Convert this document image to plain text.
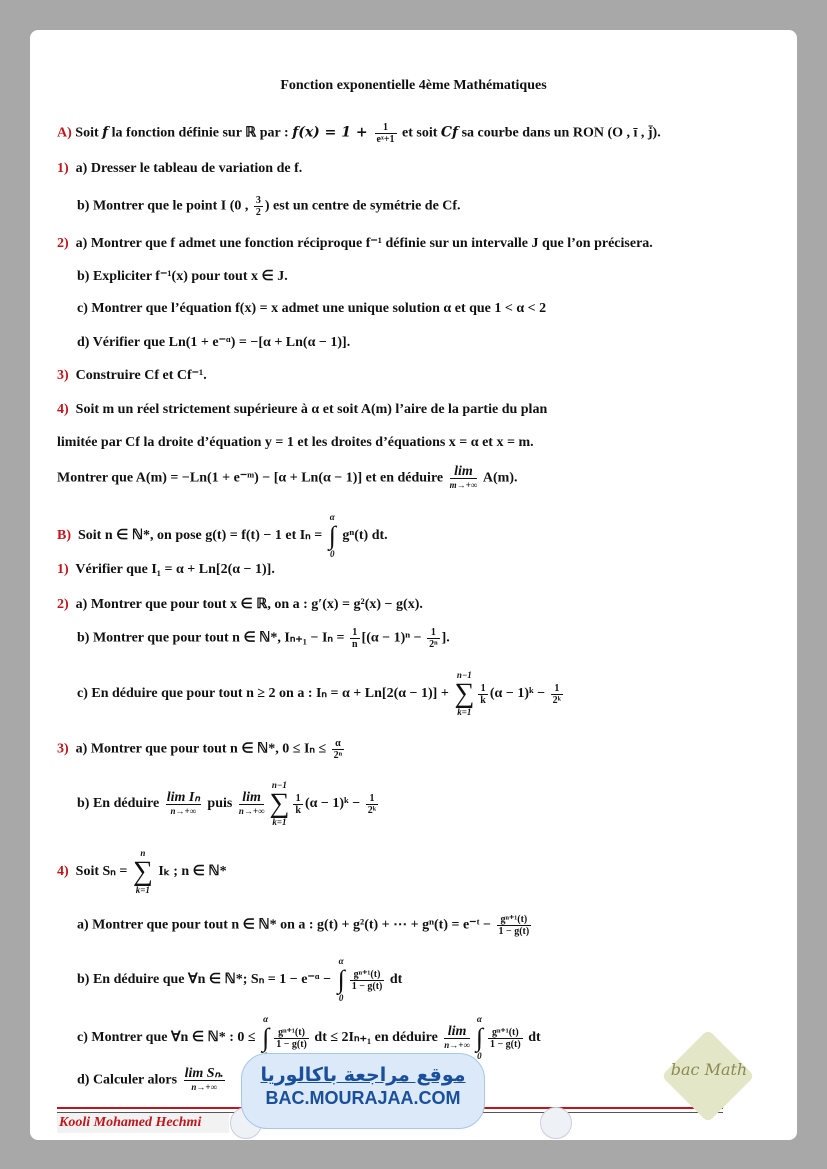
Fonction exponentielle 4ème Mathématiques
A) Soit f la fonction définie sur ℝ par : $f(x) = 1 + \frac{1}{\text{eˣ+1}}$ et soit Cf sa courbe dans un RON (O , ī , j̄).
1) a) Dresser le tableau de variation de f.
b) Montrer que le point I (0 , $\frac{3}{2}$ ) est un centre de symétrie de Cf.
2) a) Montrer que f admet une fonction réciproque f⁻¹ définie sur un intervalle J que l’on précisera.
b) Expliciter f⁻¹(x) pour tout x ∈ J.
c) Montrer que l’équation f(x) = x admet une unique solution α et que 1 < α < 2
d) Vérifier que Ln(1 + e⁻ᵅ) = −[α + Ln(α − 1)].
3) Construire Cf et Cf⁻¹.
4) Soit m un réel strictement supérieure à α et soit A(m) l’aire de la partie du plan
limitée par Cf la droite d’équation y = 1 et les droites d’équations x = α et x = m.
Montrer que A(m) = −Ln(1 + e⁻ᵐ) − [α + Ln(α − 1)] et en déduire lim
m→+∞ A(m).
B) Soit n ∈ ℕ*, on pose g(t) = f(t) − 1 et Iₙ =
α
∫
0
gⁿ(t) dt.
1) Vérifier que I₁ = α + Ln[2(α − 1)].
2) a) Montrer que pour tout x ∈ ℝ, on a : g′(x) = g²(x) − g(x).
b) Montrer que pour tout n ∈ ℕ*, $I_{n+1} - I_n = \frac{1}{n} [(\alpha - 1)^n - \frac{1}{\text{2ⁿ}}$ ].
c) En déduire que pour tout n ≥ 2 on a : Iₙ = α + Ln[2(α − 1)] +
n−1
∑
k=1
$\frac{1}{k} (\alpha$ − 1)ᵏ − $\frac{1}{\text{2ᵏ}}$
3) a) Montrer que pour tout n ∈ ℕ*, $0 \le I_n \le \frac{\alpha}{\text{2ⁿ}}$
b) En déduire lim Iₙ
n→+∞ puis lim
n→+∞
n−1
∑
k=1
$\frac{1}{k} (\alpha$ − 1)ᵏ − $\frac{1}{\text{2ᵏ}}$
4) Soit Sₙ =
n
∑
k=1
Iₖ ; n ∈ ℕ*
a) Montrer que pour tout n ∈ ℕ* on a : g(t) + g²(t) + ⋯ + gⁿ(t) = e⁻ᵗ − $\frac{\text{gⁿ⁺¹(t)}}{1 - g(t)}$
b) En déduire que ∀n ∈ ℕ*; Sₙ = 1 − e⁻ᵅ −
α
∫
0
$\frac{\text{gⁿ⁺¹(t)}}{1 - g(t)}$ dt
c) Montrer que ∀n ∈ ℕ* : 0 ≤
α
∫ $\frac{\text{gⁿ⁺¹(t)}}{1 - g(t)}$ dt ≤ 2Iₙ₊₁ en déduire lim
n→+∞
α
∫
0
$\frac{\text{gⁿ⁺¹(t)}}{1 - g(t)}$ dt
d) Calculer alors lim Sₙ.
n→+∞
Kooli Mohamed Hechmi
موقع مراجعة باكالوريا
BAC.MOURAJAA.COM
bac Math
